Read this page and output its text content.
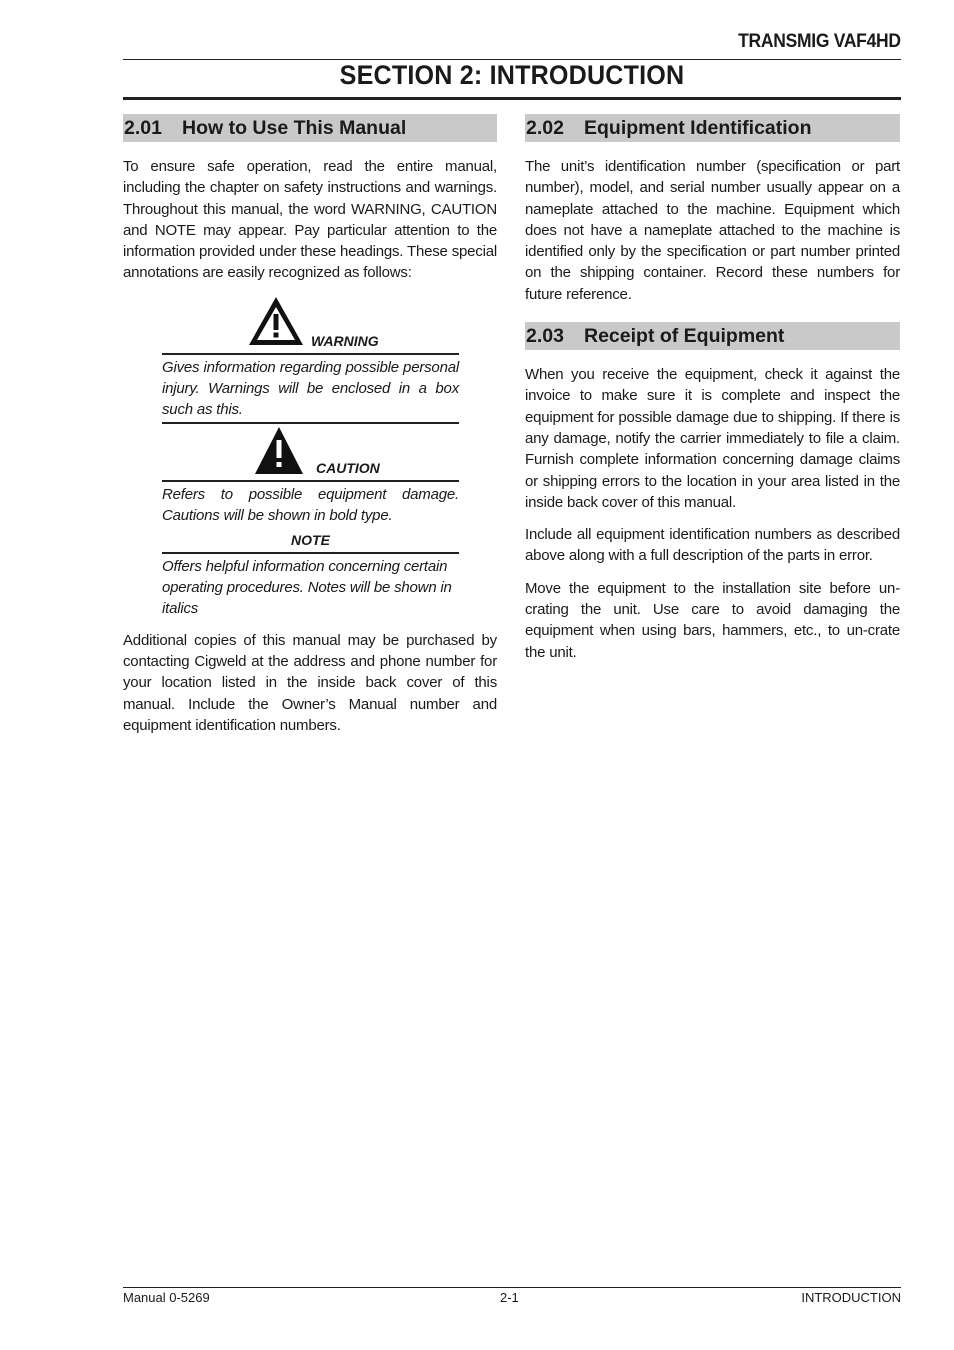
TRANSMIG VAF4HD
SECTION 2: INTRODUCTION
2.01 How to Use This Manual

To ensure safe operation, read the entire manual, including the chapter on safety instructions and warnings. Throughout this manual, the word WARNING, CAUTION and NOTE may appear. Pay particular attention to the information provided under these headings. These special annotations are easily recognized as follows:

WARNING
Gives information regarding possible personal injury. Warnings will be enclosed in a box such as this.
CAUTION
Refers to possible equipment damage. Cautions will be shown in bold type.
NOTE
Offers helpful information concerning certain operating procedures. Notes will be shown in italics

Additional copies of this manual may be purchased by contacting Cigweld at the address and phone number for your location listed in the inside back cover of this manual. Include the Owner’s Manual number and equipment identification numbers.

2.02 Equipment Identification

The unit’s identification number (specification or part number), model, and serial number usually appear on a nameplate attached to the machine. Equipment which does not have a nameplate attached to the machine is identified only by the specification or part number printed on the shipping container. Record these numbers for future reference.

2.03 Receipt of Equipment

When you receive the equipment, check it against the invoice to make sure it is complete and inspect the equipment for possible damage due to shipping. If there is any damage, notify the carrier immediately to file a claim. Furnish complete information concerning damage claims or shipping errors to the location in your area listed in the inside back cover of this manual.

Include all equipment identification numbers as described above along with a full description of the parts in error.

Move the equipment to the installation site before un-crating the unit. Use care to avoid damaging the equipment when using bars, hammers, etc., to un-crate the unit.

Manual 0-5269	2-1	INTRODUCTION
